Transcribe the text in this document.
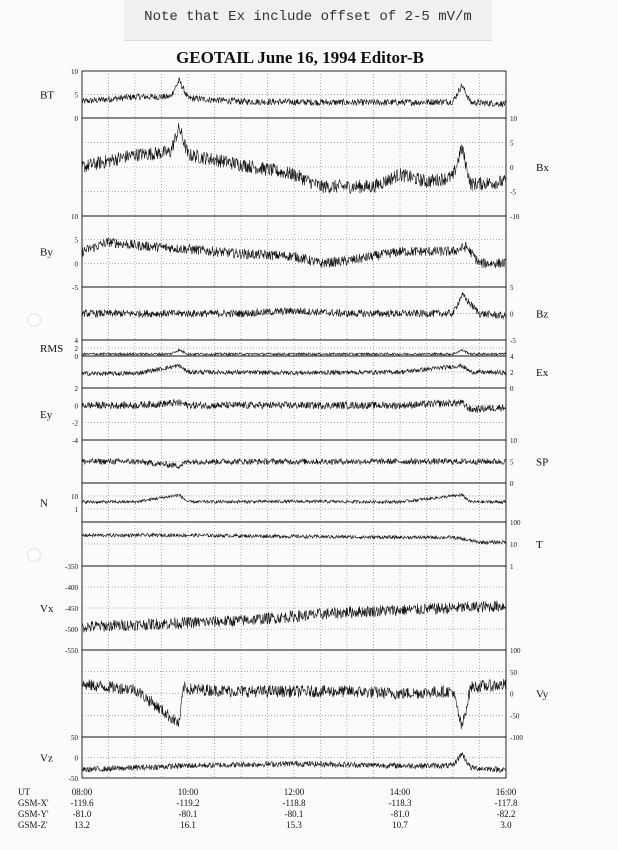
Note that Ex include offset of 2-5 mV/m
GEOTAIL June 16, 1994 Editor-B
0
5
10
BT
-10
-5
0
5
10
Bx
-5
0
5
10
By
-5
0
5
Bz
0
2
4
RMS
0
2
4
Ex
-4
-2
0
2
Ey
0
5
10
SP
1
10
N
1
10
100
T
-550
-500
-450
-400
-350
Vx
-100
-50
0
50
100
Vy
-50
0
50
Vz
UT
GSM-X'
GSM-Y'
GSM-Z'
08:00
-119.6
-81.0
13.2
10:00
-119.2
-80.1
16.1
12:00
-118.8
-80.1
15.3
14:00
-118.3
-81.0
10.7
16:00
-117.8
-82.2
3.0
